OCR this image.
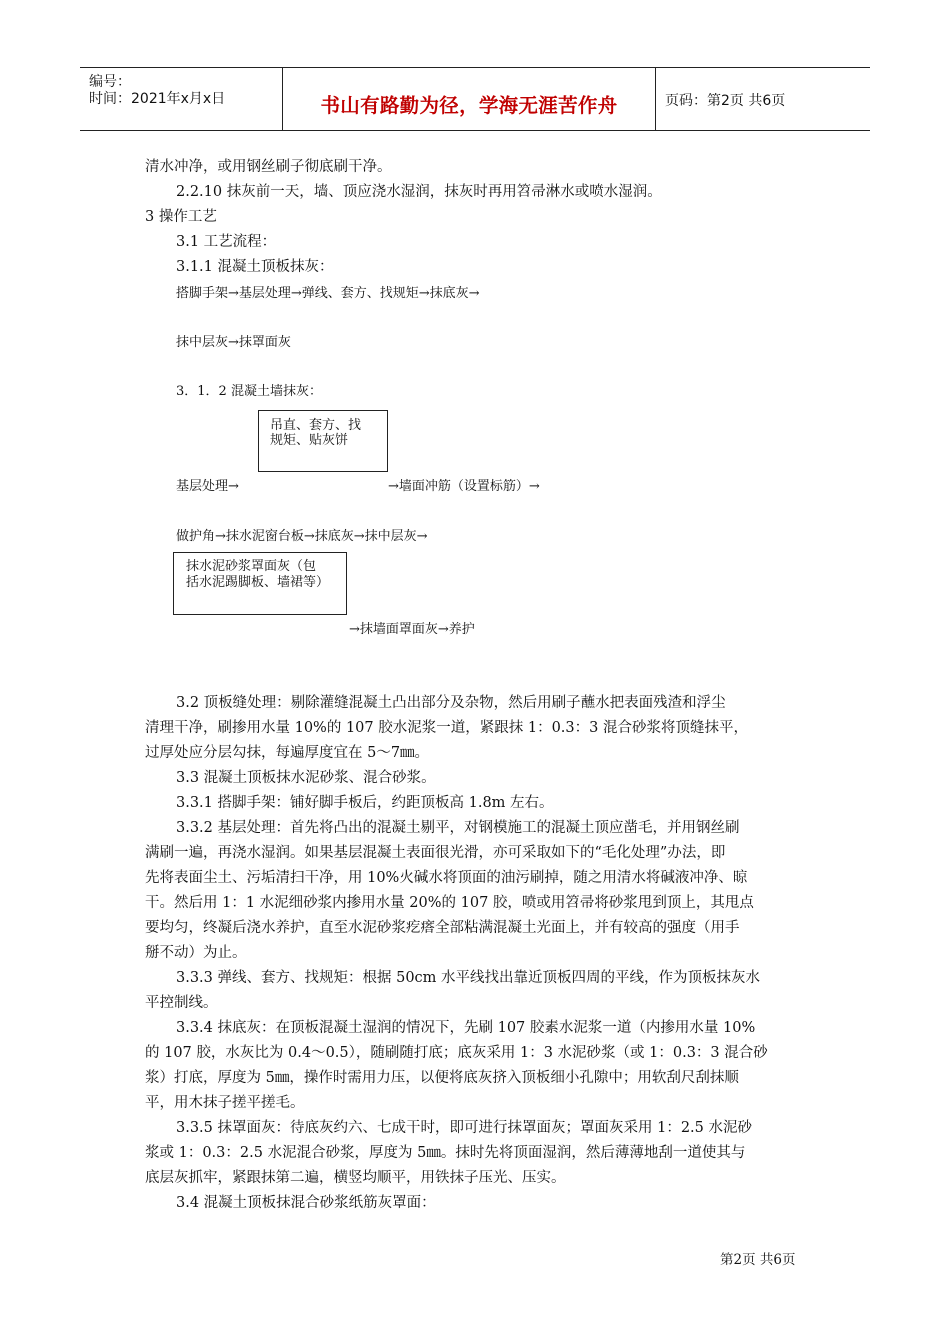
编号：
时间：2021年x月x日	书山有路勤为径，学海无涯苦作舟	页码：第2页 共6页
清水冲净，或用钢丝刷子彻底刷干净。
2.2.10 抹灰前一天，墙、顶应浇水湿润，抹灰时再用笤帚淋水或喷水湿润。
3 操作工艺
3.1 工艺流程：
3.1.1 混凝土顶板抹灰：
搭脚手架→基层处理→弹线、套方、找规矩→抹底灰→
抹中层灰→抹罩面灰
3．1．2 混凝土墙抹灰：
吊直、套方、找
规矩、贴灰饼
基层处理→	→墙面冲筋（设置标筋）→
做护角→抹水泥窗台板→抹底灰→抹中层灰→
抹水泥砂浆罩面灰（包
括水泥踢脚板、墙裙等）
→抹墙面罩面灰→养护
3.2 顶板缝处理：剔除灌缝混凝土凸出部分及杂物，然后用刷子蘸水把表面残渣和浮尘
清理干净，刷掺用水量 10%的 107 胶水泥浆一道，紧跟抹 1：0.3：3 混合砂浆将顶缝抹平，
过厚处应分层勾抹，每遍厚度宜在 5～7㎜。
3.3 混凝土顶板抹水泥砂浆、混合砂浆。
3.3.1 搭脚手架：铺好脚手板后，约距顶板高 1.8m 左右。
3.3.2 基层处理：首先将凸出的混凝土剔平，对钢模施工的混凝土顶应凿毛，并用钢丝刷
满刷一遍，再浇水湿润。如果基层混凝土表面很光滑，亦可采取如下的“毛化处理”办法，即
先将表面尘土、污垢清扫干净，用 10%火碱水将顶面的油污刷掉，随之用清水将碱液冲净、晾
干。然后用 1：1 水泥细砂浆内掺用水量 20%的 107 胶，喷或用笤帚将砂浆甩到顶上，其甩点
要均匀，终凝后浇水养护，直至水泥砂浆疙瘩全部粘满混凝土光面上，并有较高的强度（用手
掰不动）为止。
3.3.3 弹线、套方、找规矩：根据 50cm 水平线找出靠近顶板四周的平线，作为顶板抹灰水
平控制线。
3.3.4 抹底灰：在顶板混凝土湿润的情况下，先刷 107 胶素水泥浆一道（内掺用水量 10%
的 107 胶，水灰比为 0.4～0.5），随刷随打底；底灰采用 1：3 水泥砂浆（或 1：0.3：3 混合砂
浆）打底，厚度为 5㎜，操作时需用力压，以便将底灰挤入顶板细小孔隙中；用软刮尺刮抹顺
平，用木抹子搓平搓毛。
3.3.5 抹罩面灰：待底灰约六、七成干时，即可进行抹罩面灰；罩面灰采用 1：2.5 水泥砂
浆或 1：0.3：2.5 水泥混合砂浆，厚度为 5㎜。抹时先将顶面湿润，然后薄薄地刮一道使其与
底层灰抓牢，紧跟抹第二遍，横竖均顺平，用铁抹子压光、压实。
3.4 混凝土顶板抹混合砂浆纸筋灰罩面：
第2页 共6页
